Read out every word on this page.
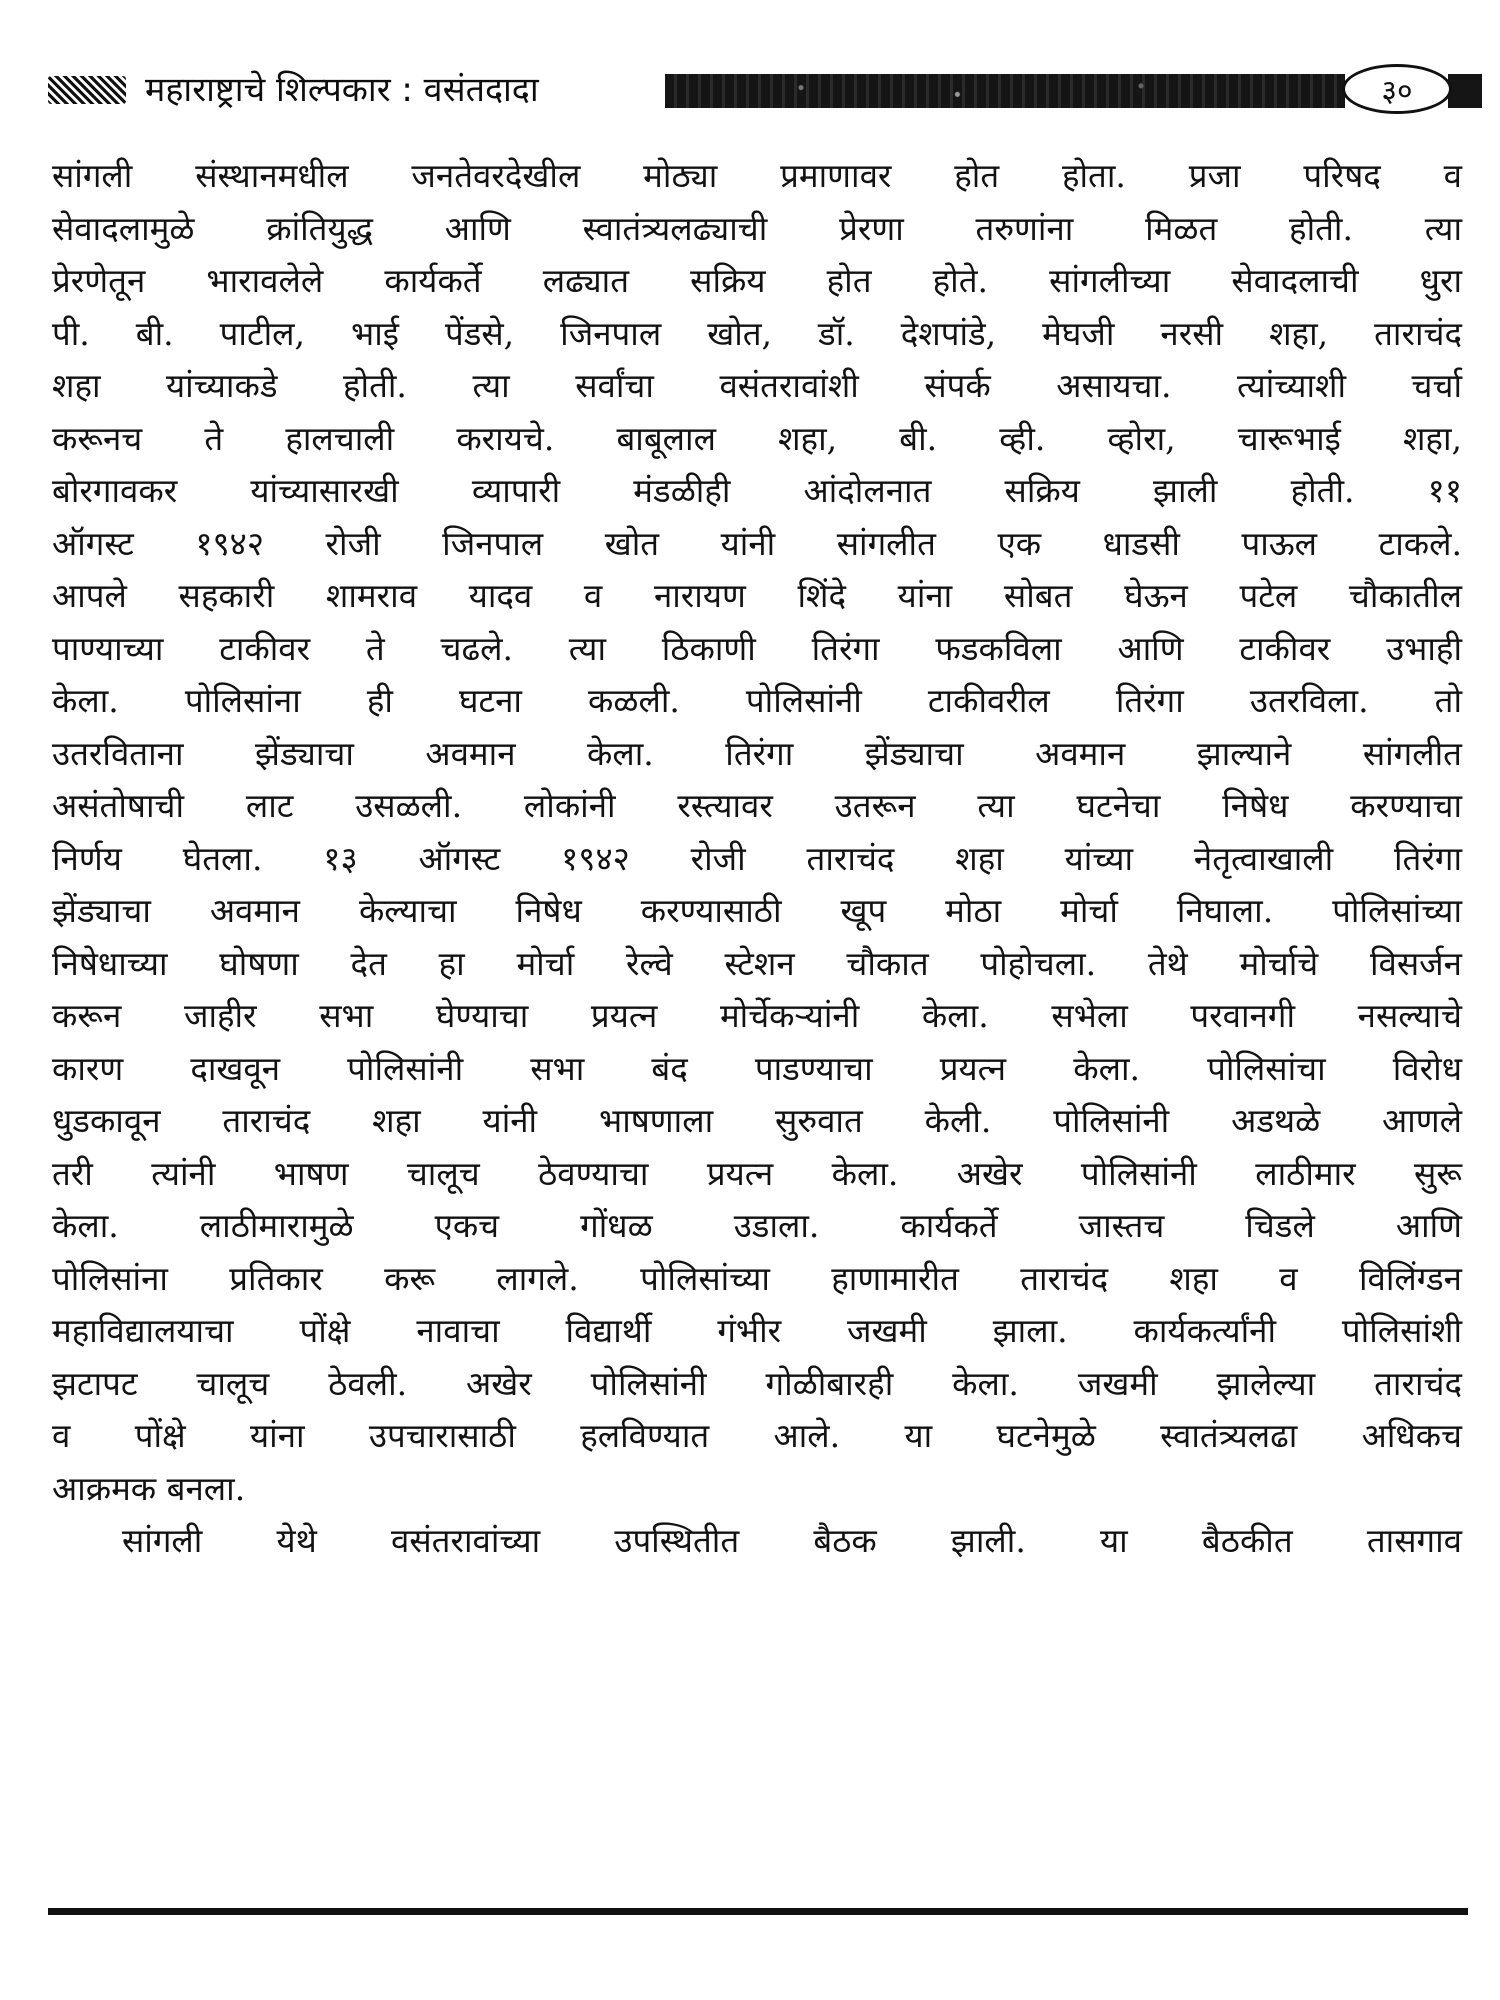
महाराष्ट्राचे शिल्पकार : वसंतदादा	३०
सांगली संस्थानमधील जनतेवरदेखील मोठ्या प्रमाणावर होत होता. प्रजा परिषद व
सेवादलामुळे क्रांतियुद्ध आणि स्वातंत्र्यलढ्याची प्रेरणा तरुणांना मिळत होती. त्या
प्रेरणेतून भारावलेले कार्यकर्ते लढ्यात सक्रिय होत होते. सांगलीच्या सेवादलाची धुरा
पी. बी. पाटील, भाई पेंडसे, जिनपाल खोत, डॉ. देशपांडे, मेघजी नरसी शहा, ताराचंद
शहा यांच्याकडे होती. त्या सर्वांचा वसंतरावांशी संपर्क असायचा. त्यांच्याशी चर्चा
करूनच ते हालचाली करायचे. बाबूलाल शहा, बी. व्ही. व्होरा, चारूभाई शहा,
बोरगावकर यांच्यासारखी व्यापारी मंडळीही आंदोलनात सक्रिय झाली होती. ११
ऑगस्ट १९४२ रोजी जिनपाल खोत यांनी सांगलीत एक धाडसी पाऊल टाकले.
आपले सहकारी शामराव यादव व नारायण शिंदे यांना सोबत घेऊन पटेल चौकातील
पाण्याच्या टाकीवर ते चढले. त्या ठिकाणी तिरंगा फडकविला आणि टाकीवर उभाही
केला. पोलिसांना ही घटना कळली. पोलिसांनी टाकीवरील तिरंगा उतरविला. तो
उतरविताना झेंड्याचा अवमान केला. तिरंगा झेंड्याचा अवमान झाल्याने सांगलीत
असंतोषाची लाट उसळली. लोकांनी रस्त्यावर उतरून त्या घटनेचा निषेध करण्याचा
निर्णय घेतला. १३ ऑगस्ट १९४२ रोजी ताराचंद शहा यांच्या नेतृत्वाखाली तिरंगा
झेंड्याचा अवमान केल्याचा निषेध करण्यासाठी खूप मोठा मोर्चा निघाला. पोलिसांच्या
निषेधाच्या घोषणा देत हा मोर्चा रेल्वे स्टेशन चौकात पोहोचला. तेथे मोर्चाचे विसर्जन
करून जाहीर सभा घेण्याचा प्रयत्न मोर्चेकऱ्यांनी केला. सभेला परवानगी नसल्याचे
कारण दाखवून पोलिसांनी सभा बंद पाडण्याचा प्रयत्न केला. पोलिसांचा विरोध
धुडकावून ताराचंद शहा यांनी भाषणाला सुरुवात केली. पोलिसांनी अडथळे आणले
तरी त्यांनी भाषण चालूच ठेवण्याचा प्रयत्न केला. अखेर पोलिसांनी लाठीमार सुरू
केला. लाठीमारामुळे एकच गोंधळ उडाला. कार्यकर्ते जास्तच चिडले आणि
पोलिसांना प्रतिकार करू लागले. पोलिसांच्या हाणामारीत ताराचंद शहा व विलिंग्डन
महाविद्यालयाचा पोंक्षे नावाचा विद्यार्थी गंभीर जखमी झाला. कार्यकर्त्यांनी पोलिसांशी
झटापट चालूच ठेवली. अखेर पोलिसांनी गोळीबारही केला. जखमी झालेल्या ताराचंद
व पोंक्षे यांना उपचारासाठी हलविण्यात आले. या घटनेमुळे स्वातंत्र्यलढा अधिकच
आक्रमक बनला.
सांगली येथे वसंतरावांच्या उपस्थितीत बैठक झाली. या बैठकीत तासगाव
